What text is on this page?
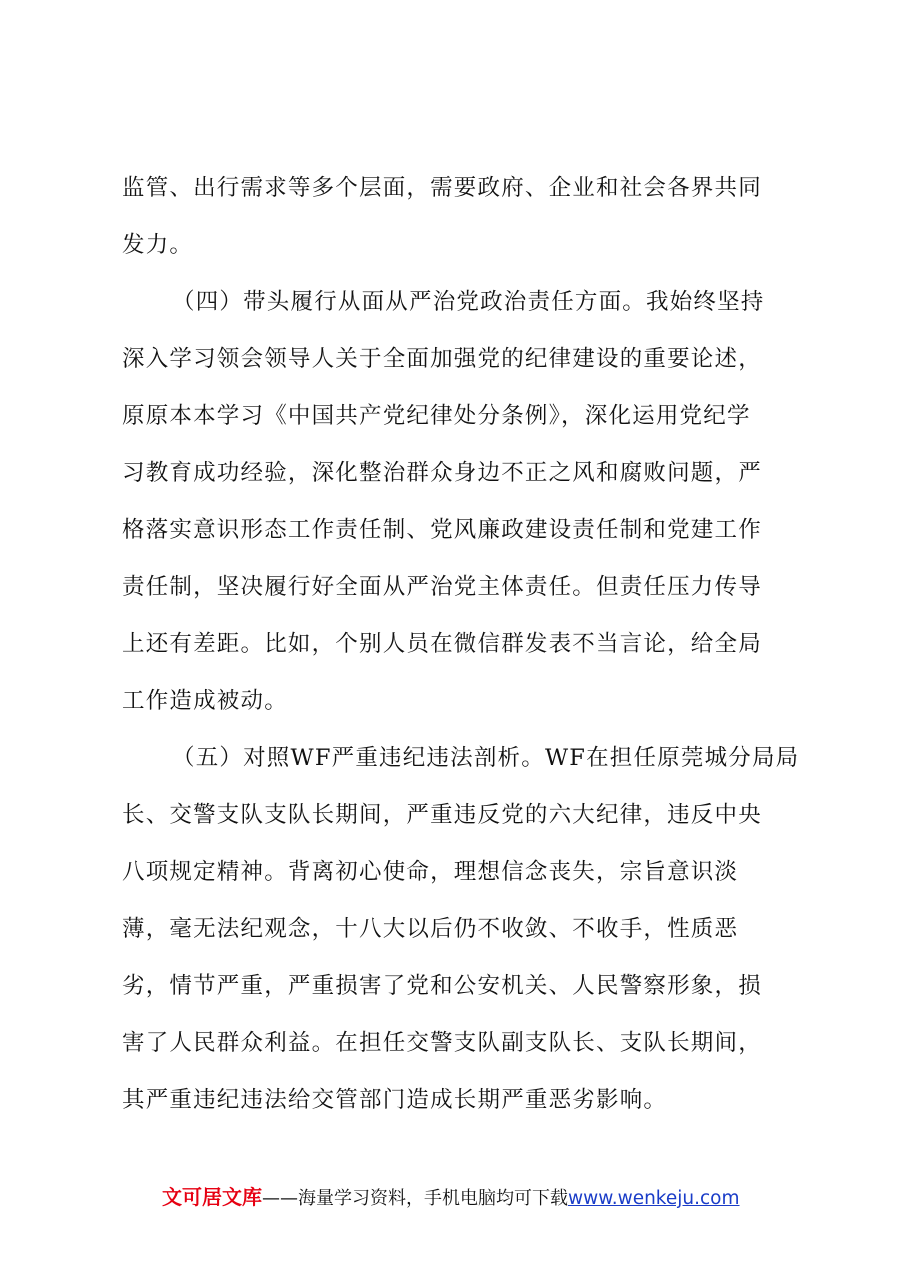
监管、出行需求等多个层面，需要政府、企业和社会各界共同
发力。
（四）带头履行从面从严治党政治责任方面。我始终坚持
深入学习领会领导人关于全面加强党的纪律建设的重要论述，
原原本本学习《中国共产党纪律处分条例》，深化运用党纪学
习教育成功经验，深化整治群众身边不正之风和腐败问题，严
格落实意识形态工作责任制、党风廉政建设责任制和党建工作
责任制，坚决履行好全面从严治党主体责任。但责任压力传导
上还有差距。比如，个别人员在微信群发表不当言论，给全局
工作造成被动。
（五）对照WF严重违纪违法剖析。WF在担任原莞城分局局
长、交警支队支队长期间，严重违反党的六大纪律，违反中央
八项规定精神。背离初心使命，理想信念丧失，宗旨意识淡
薄，毫无法纪观念，十八大以后仍不收敛、不收手，性质恶
劣，情节严重，严重损害了党和公安机关、人民警察形象，损
害了人民群众利益。在担任交警支队副支队长、支队长期间，
其严重违纪违法给交管部门造成长期严重恶劣影响。
文可居文库——海量学习资料，手机电脑均可下载www.wenkeju.com
